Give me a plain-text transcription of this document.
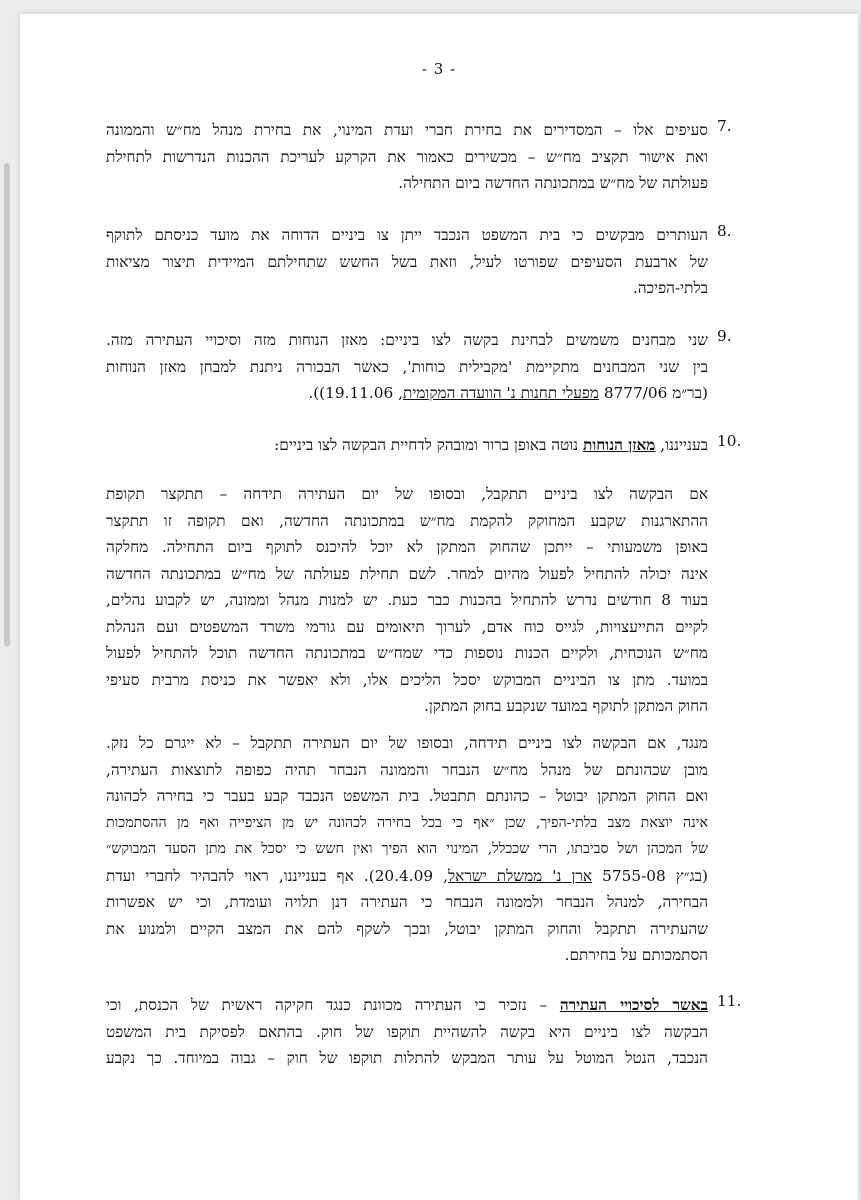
- 3 -
7.
סעיפים אלו – המסדירים את בחירת חברי ועדת המינוי, את בחירת מנהל מח״ש והממונה
ואת אישור תקציב מח״ש – מכשירים כאמור את הקרקע לעריכת ההכנות הנדרשות לתחילת
פעולתה של מח״ש במתכונתה החדשה ביום התחילה.
8.
העותרים מבקשים כי בית המשפט הנכבד ייתן צו ביניים הדוחה את מועד כניסתם לתוקף
של ארבעת הסעיפים שפורטו לעיל, וזאת בשל החשש שתחילתם המיידית תיצור מציאות
בלתי-הפיכה.
9.
שני מבחנים משמשים לבחינת בקשה לצו ביניים: מאזן הנוחות מזה וסיכויי העתירה מזה.
בין שני המבחנים מתקיימת 'מקבילית כוחות', כאשר הבכורה ניתנת למבחן מאזן הנוחות
(בר״מ 8777/06 מפעלי תחנות נ' הוועדה המקומית, 19.11.06)).
10.
בענייננו, מאזן הנוחות נוטה באופן ברור ומובהק לדחיית הבקשה לצו ביניים:
אם הבקשה לצו ביניים תתקבל, ובסופו של יום העתירה תידחה – תתקצר תקופת
ההתארגנות שקבע המחוקק להקמת מח״ש במתכונתה החדשה, ואם תקופה זו תתקצר
באופן משמעותי – ייתכן שהחוק המתקן לא יוכל להיכנס לתוקף ביום התחילה. מחלקה
אינה יכולה להתחיל לפעול מהיום למחר. לשם תחילת פעולתה של מח״ש במתכונתה החדשה
בעוד 8 חודשים נדרש להתחיל בהכנות כבר כעת. יש למנות מנהל וממונה, יש לקבוע נהלים,
לקיים התייעצויות, לגייס כוח אדם, לערוך תיאומים עם גורמי משרד המשפטים ועם הנהלת
מח״ש הנוכחית, ולקיים הכנות נוספות כדי שמח״ש במתכונתה החדשה תוכל להתחיל לפעול
במועד. מתן צו הביניים המבוקש יסכל הליכים אלו, ולא יאפשר את כניסת מרבית סעיפי
החוק המתקן לתוקף במועד שנקבע בחוק המתקן.
מנגד, אם הבקשה לצו ביניים תידחה, ובסופו של יום העתירה תתקבל – לא ייגרם כל נזק.
מובן שכהונתם של מנהל מח״ש הנבחר והממונה הנבחר תהיה כפופה לתוצאות העתירה,
ואם החוק המתקן יבוטל – כהונתם תתבטל. בית המשפט הנכבד קבע בעבר כי בחירה לכהונה
אינה יוצאת מצב בלתי-הפיך, שכן ״אף כי בכל בחירה לכהונה יש מן הציפייה ואף מן ההסתמכות
של המכהן ושל סביבתו, הרי שככלל, המינוי הוא הפיך ואין חשש כי יסכל את מתן הסעד המבוקש״
(בג״ץ 5755-08 ארן נ' ממשלת ישראל, 20.4.09). אף בענייננו, ראוי להבהיר לחברי ועדת
הבחירה, למנהל הנבחר ולממונה הנבחר כי העתירה דנן תלויה ועומדת, וכי יש אפשרות
שהעתירה תתקבל והחוק המתקן יבוטל, ובכך לשקף להם את המצב הקיים ולמנוע את
הסתמכותם על בחירתם.
11.
באשר לסיכויי העתירה – נזכיר כי העתירה מכוונת כנגד חקיקה ראשית של הכנסת, וכי
הבקשה לצו ביניים היא בקשה להשהיית תוקפו של חוק. בהתאם לפסיקת בית המשפט
הנכבד, הנטל המוטל על עותר המבקש להתלות תוקפו של חוק – גבוה במיוחד. כך נקבע
